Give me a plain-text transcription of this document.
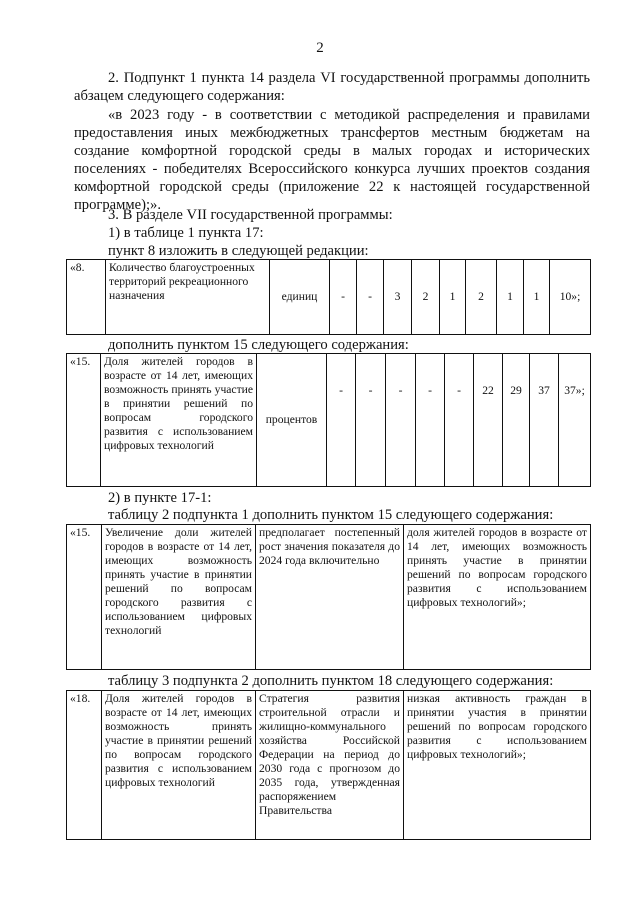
2
2. Подпункт 1 пункта 14 раздела VI государственной программы дополнить абзацем следующего содержания:
«в 2023 году - в соответствии с методикой распределения и правилами предоставления иных межбюджетных трансфертов местным бюджетам на создание комфортной городской среды в малых городах и исторических поселениях - победителях Всероссийского конкурса лучших проектов создания комфортной городской среды (приложение 22 к настоящей государственной программе);».
3. В разделе VII государственной программы:
1) в таблице 1 пункта 17:
пункт 8 изложить в следующей редакции:
«8.	Количество благоустроенных территорий рекреационного назначения	единиц	-	-	3	2	1	2	1	1	10»;
дополнить пунктом 15 следующего содержания:
«15.	Доля жителей городов в возрасте от 14 лет, имеющих возможность принять участие в принятии решений по вопросам городского развития с использованием цифровых технологий	процентов	-	-	-	-	-	22	29	37	37»;
2) в пункте 17-1:
таблицу 2 подпункта 1 дополнить пунктом 15 следующего содержания:
«15.	Увеличение доли жителей городов в возрасте от 14 лет, имеющих возможность принять участие в принятии решений по вопросам городского развития с использованием цифровых технологий	предполагает постепенный рост значения показателя до 2024 года включительно	доля жителей городов в возрасте от 14 лет, имеющих возможность принять участие в принятии решений по вопросам городского развития с использованием цифровых технологий»;
таблицу 3 подпункта 2 дополнить пунктом 18 следующего содержания:
«18.	Доля жителей городов в возрасте от 14 лет, имеющих возможность принять участие в принятии решений по вопросам городского развития с использованием цифровых технологий	Стратегия развития строительной отрасли и жилищно-коммунального хозяйства Российской Федерации на период до 2030 года с прогнозом до 2035 года, утвержденная распоряжением Правительства	низкая активность граждан в принятии участия в принятии решений по вопросам городского развития с использованием цифровых технологий»;
